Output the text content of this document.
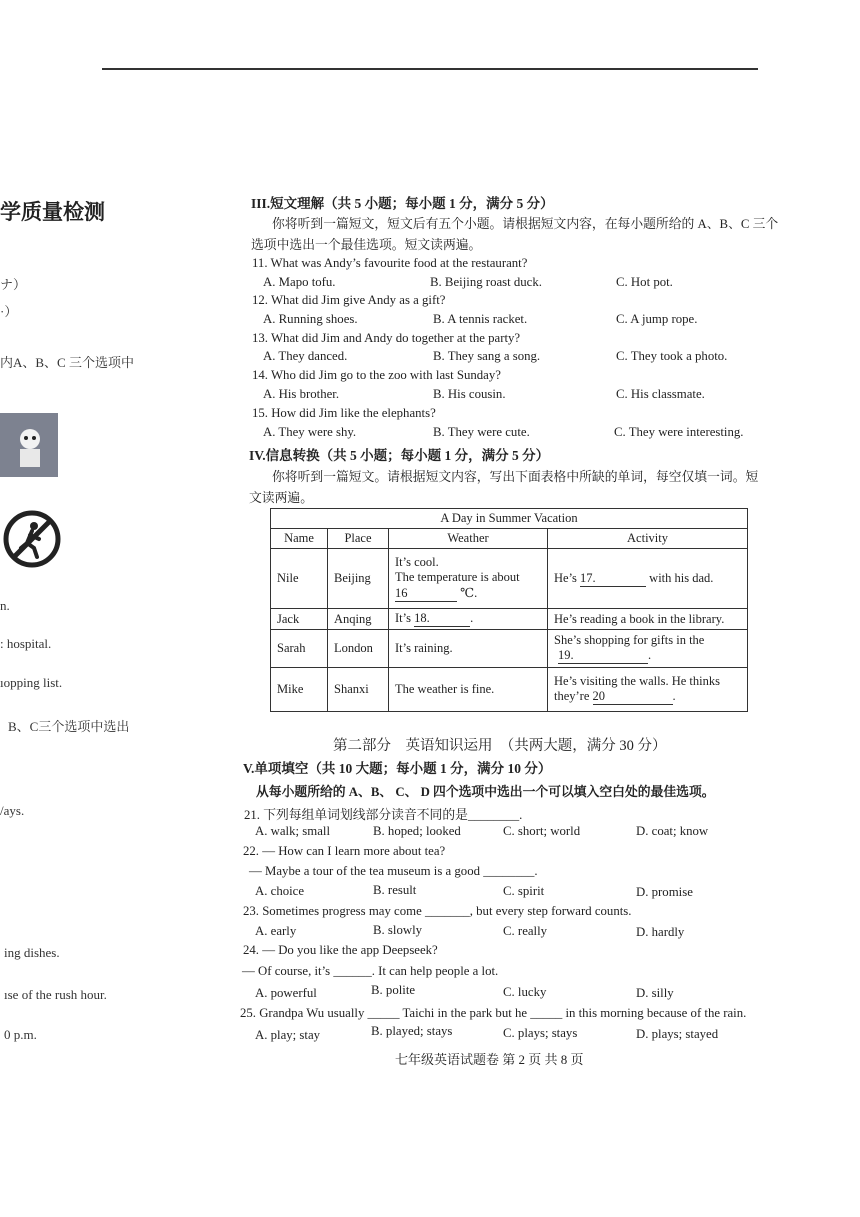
学质量检测
ナ）
·）
内A、B、C 三个选项中
n.
: hospital.
ıopping list.
B、C三个选项中选出
/ays.
ing dishes.
ıse of the rush hour.
0 p.m.
III.短文理解（共 5 小题；每小题 1 分，满分 5 分）
你将听到一篇短文，短文后有五个小题。请根据短文内容，在每小题所给的 A、B、C 三个
选项中选出一个最佳选项。短文读两遍。
11. What was Andy’s favourite food at the restaurant?
A. Mapo tofu.	B. Beijing roast duck.	C. Hot pot.
12. What did Jim give Andy as a gift?
A. Running shoes.	B. A tennis racket.	C. A jump rope.
13. What did Jim and Andy do together at the party?
A. They danced.	B. They sang a song.	C. They took a photo.
14. Who did Jim go to the zoo with last Sunday?
A. His brother.	B. His cousin.	C. His classmate.
15. How did Jim like the elephants?
A. They were shy.	B. They were cute.	C. They were interesting.
IV.信息转换（共 5 小题；每小题 1 分，满分 5 分）
你将听到一篇短文。请根据短文内容，写出下面表格中所缺的单词，每空仅填一词。短
文读两遍。
A Day in Summer Vacation			
Name	Place	Weather	Activity
Nile	Beijing	It’s cool.
The temperature is about
16 ℃.	He’s 17. with his dad.
Jack	Anqing	It’s 18. .	He’s reading a book in the library.
Sarah	London	It’s raining.	She’s shopping for gifts in the
19. .

Mike	Shanxi	The weather is fine.	He’s visiting the walls. He thinks
they’re 20 .
第二部分　英语知识运用　（共两大题，满分 30 分）
V.单项填空（共 10 大题；每小题 1 分，满分 10 分）
从每小题所给的 A、B、 C、 D 四个选项中选出一个可以填入空白处的最佳选项。
21. 下列每组单词划线部分读音不同的是________.
A. walk; small	B. hoped; looked	C. short; world	D. coat; know
22. — How can I learn more about tea?
— Maybe a tour of the tea museum is a good ________.
A. choice	B. result	C. spirit	D. promise
23. Sometimes progress may come _______, but every step forward counts.
A. early	B. slowly	C. really	D. hardly
24. — Do you like the app Deepseek?
— Of course, it’s ______. It can help people a lot.
A. powerful	B. polite	C. lucky	D. silly
25. Grandpa Wu usually _____ Taichi in the park but he _____ in this morning because of the rain.
A. play; stay	B. played; stays	C. plays; stays	D. plays; stayed
七年级英语试题卷 第 2 页 共 8 页
